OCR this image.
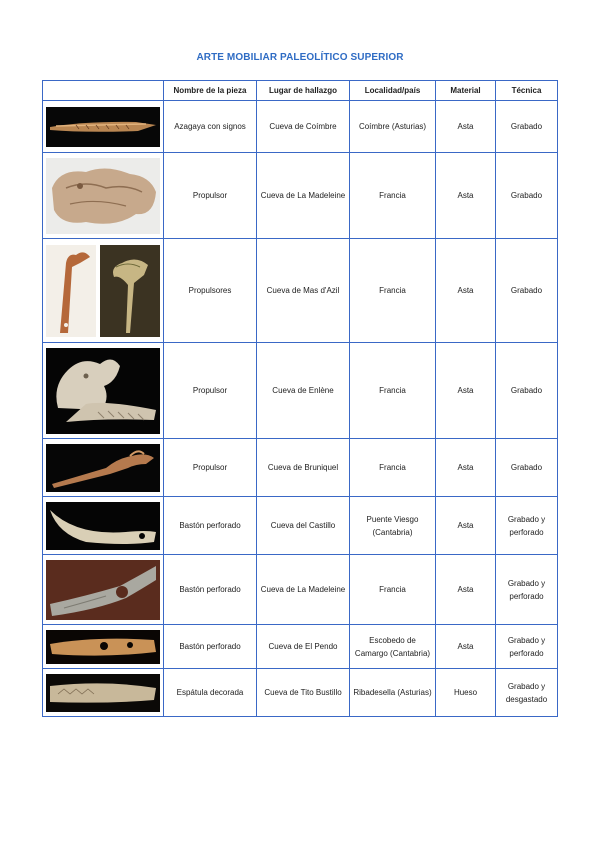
ARTE MOBILIAR PALEOLÍTICO SUPERIOR
	Nombre de la pieza	Lugar de hallazgo	Localidad/país	Material	Técnica

	Azagaya con signos	Cueva de Coímbre	Coímbre (Asturias)	Asta	Grabado

	Propulsor	Cueva de La Madeleine	Francia	Asta	Grabado

	Propulsores	Cueva de Mas d'Azil	Francia	Asta	Grabado

	Propulsor	Cueva de Enlène	Francia	Asta	Grabado

	Propulsor	Cueva de Bruniquel	Francia	Asta	Grabado

	Bastón perforado	Cueva del Castillo	Puente Viesgo (Cantabria)	Asta	Grabado y perforado

	Bastón perforado	Cueva de La Madeleine	Francia	Asta	Grabado y perforado

	Bastón perforado	Cueva de El Pendo	Escobedo de Camargo (Cantabria)	Asta	Grabado y perforado

	Espátula decorada	Cueva de Tito Bustillo	Ribadesella (Asturias)	Hueso	Grabado y desgastado
